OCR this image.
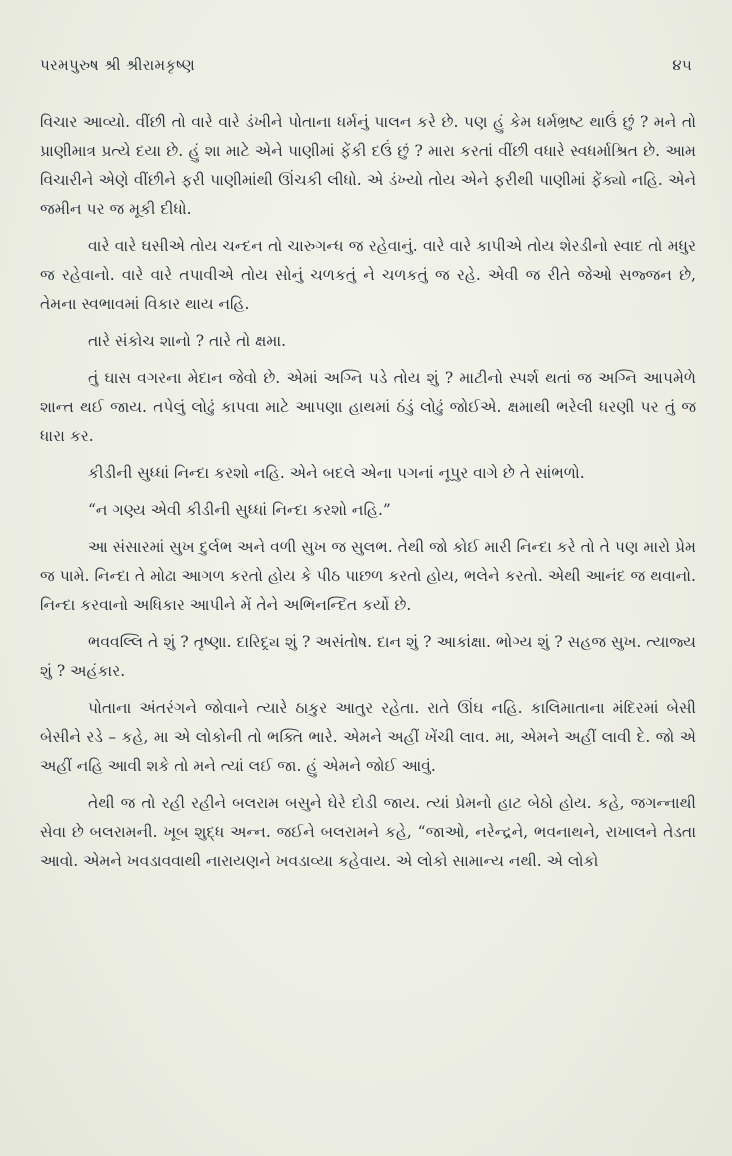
પરમપુરુષ શ્રી શ્રીરામકૃષ્ણ	૪૫

વિચાર આવ્યો. વીંછી તો વારે વારે ડંખીને પોતાના ધર્મનું પાલન કરે છે. પણ હું કેમ ધર્મભ્રષ્ટ થાઉં છું ? મને તો પ્રાણીમાત્ર પ્રત્યે દયા છે. હું શા માટે એને પાણીમાં ફેંકી દઉં છું ? મારા કરતાં વીંછી વધારે સ્વધર્માશ્રિત છે. આમ વિચારીને એણે વીંછીને ફરી પાણીમાંથી ઊંચકી લીધો. એ ડંખ્યો તોય એને ફરીથી પાણીમાં ફેંક્યો નહિ. એને જમીન પર જ મૂકી દીધો.

વારે વારે ઘસીએ તોય ચન્દન તો ચારુગન્ધ જ રહેવાનું. વારે વારે કાપીએ તોય શેરડીનો સ્વાદ તો મધુર જ રહેવાનો. વારે વારે તપાવીએ તોય સોનું ચળકતું ને ચળકતું જ રહે. એવી જ રીતે જેઓ સજ્જન છે, તેમના સ્વભાવમાં વિકાર થાય નહિ.

તારે સંકોચ શાનો ? તારે તો ક્ષમા.

તું ઘાસ વગરના મેદાન જેવો છે. એમાં અગ્નિ પડે તોય શું ? માટીનો સ્પર્શ થતાં જ અગ્નિ આપમેળે શાન્ત થઈ જાય. તપેલું લોઢું કાપવા માટે આપણા હાથમાં ઠંડું લોઢું જોઈએ. ક્ષમાથી ભરેલી ધરણી પર તું જ ધારા કર.

કીડીની સુધ્ધાં નિન્દા કરશો નહિ. એને બદલે એના પગનાં નૂપુર વાગે છે તે સાંભળો.

“ન ગણ્ય એવી કીડીની સુધ્ધાં નિન્દા કરશો નહિ.”

આ સંસારમાં સુખ દુર્લભ અને વળી સુખ જ સુલભ. તેથી જો કોઈ મારી નિન્દા કરે તો તે પણ મારો પ્રેમ જ પામે. નિન્દા તે મોઢા આગળ કરતો હોય કે પીઠ પાછળ કરતો હોય, ભલેને કરતો. એથી આનંદ જ થવાનો. નિન્દા કરવાનો અધિકાર આપીને મેં તેને અભિનન્દિત કર્યો છે.

ભવવલ્લિ તે શું ? તૃષ્ણા. દારિદ્ર્ય શું ? અસંતોષ. દાન શું ? આકાંક્ષા. ભોગ્ય શું ? સહજ સુખ. ત્યાજ્ય શું ? અહંકાર.

પોતાના અંતરંગને જોવાને ત્યારે ઠાકુર આતુર રહેતા. રાતે ઊંઘ નહિ. કાલિમાતાના મંદિરમાં બેસી બેસીને રડે – કહે, મા એ લોકોની તો ભક્તિ ભારે. એમને અહીં ખેંચી લાવ. મા, એમને અહીં લાવી દે. જો એ અહીં નહિ આવી શકે તો મને ત્યાં લઈ જા. હું એમને જોઈ આવું.

તેથી જ તો રહી રહીને બલરામ બસુને ઘેરે દોડી જાય. ત્યાં પ્રેમનો હાટ બેઠો હોય. કહે, જગન્નાથી સેવા છે બલરામની. ખૂબ શુદ્ધ અન્ન. જઈને બલરામને કહે, “જાઓ, નરેન્દ્રને, ભવનાથને, રાખાલને તેડતા આવો. એમને ખવડાવવાથી નારાયણને ખવડાવ્યા કહેવાય. એ લોકો સામાન્ય નથી. એ લોકો
